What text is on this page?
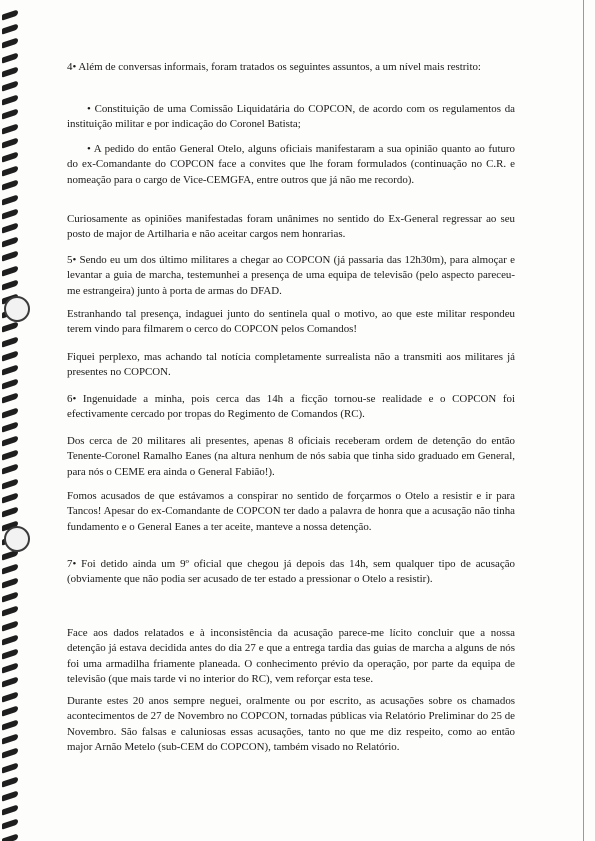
4• Além de conversas informais, foram tratados os seguintes assuntos, a um nível mais restrito:

• Constituição de uma Comissão Liquidatária do COPCON, de acordo com os regulamentos da instituição militar e por indicação do Coronel Batista;

• A pedido do então General Otelo, alguns oficiais manifestaram a sua opinião quanto ao futuro do ex-Comandante do COPCON face a convites que lhe foram formulados (continuação no C.R. e nomeação para o cargo de Vice-CEMGFA, entre outros que já não me recordo).

Curiosamente as opiniões manifestadas foram unânimes no sentido do Ex-General regressar ao seu posto de major de Artilharia e não aceitar cargos nem honrarias.

5• Sendo eu um dos último militares a chegar ao COPCON (já passaria das 12h30m), para almoçar e levantar a guia de marcha, testemunhei a presença de uma equipa de televisão (pelo aspecto pareceu-me estrangeira) junto à porta de armas do DFAD.

Estranhando tal presença, indaguei junto do sentinela qual o motivo, ao que este militar respondeu terem vindo para filmarem o cerco do COPCON pelos Comandos!

Fiquei perplexo, mas achando tal notícia completamente surrealista não a transmiti aos militares já presentes no COPCON.

6• Ingenuidade a minha, pois cerca das 14h a ficção tornou-se realidade e o COPCON foi efectivamente cercado por tropas do Regimento de Comandos (RC).

Dos cerca de 20 militares ali presentes, apenas 8 oficiais receberam ordem de detenção do então Tenente-Coronel Ramalho Eanes (na altura nenhum de nós sabia que tinha sido graduado em General, para nós o CEME era ainda o General Fabião!).

Fomos acusados de que estávamos a conspirar no sentido de forçarmos o Otelo a resistir e ir para Tancos! Apesar do ex-Comandante de COPCON ter dado a palavra de honra que a acusação não tinha fundamento e o General Eanes a ter aceite, manteve a nossa detenção.

7• Foi detido ainda um 9º oficial que chegou já depois das 14h, sem qualquer tipo de acusação (obviamente que não podia ser acusado de ter estado a pressionar o Otelo a resistir).

Face aos dados relatados e à inconsistência da acusação parece-me lícito concluir que a nossa detenção já estava decidida antes do dia 27 e que a entrega tardia das guias de marcha a alguns de nós foi uma armadilha friamente planeada. O conhecimento prévio da operação, por parte da equipa de televisão (que mais tarde vi no interior do RC), vem reforçar esta tese.

Durante estes 20 anos sempre neguei, oralmente ou por escrito, as acusações sobre os chamados acontecimentos de 27 de Novembro no COPCON, tornadas públicas via Relatório Preliminar do 25 de Novembro. São falsas e caluniosas essas acusações, tanto no que me diz respeito, como ao então major Arnão Metelo (sub-CEM do COPCON), também visado no Relatório.
